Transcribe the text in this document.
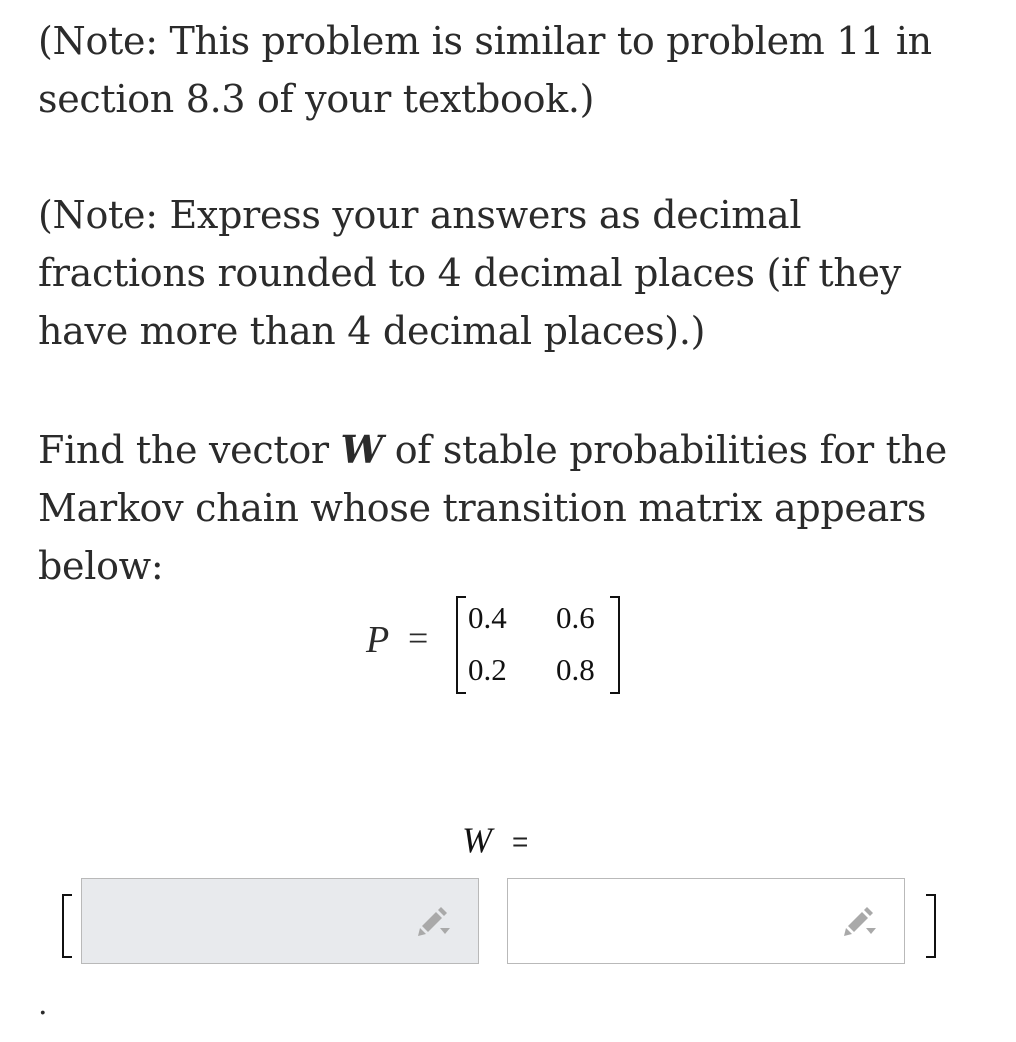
(Note: This problem is similar to problem 11 in section 8.3 of your textbook.)

(Note: Express your answers as decimal fractions rounded to 4 decimal places (if they have more than 4 decimal places).)

Find the vector W of stable probabilities for the Markov chain whose transition matrix appears below:

P =
0.4 0.6
0.2 0.8
W =
.
